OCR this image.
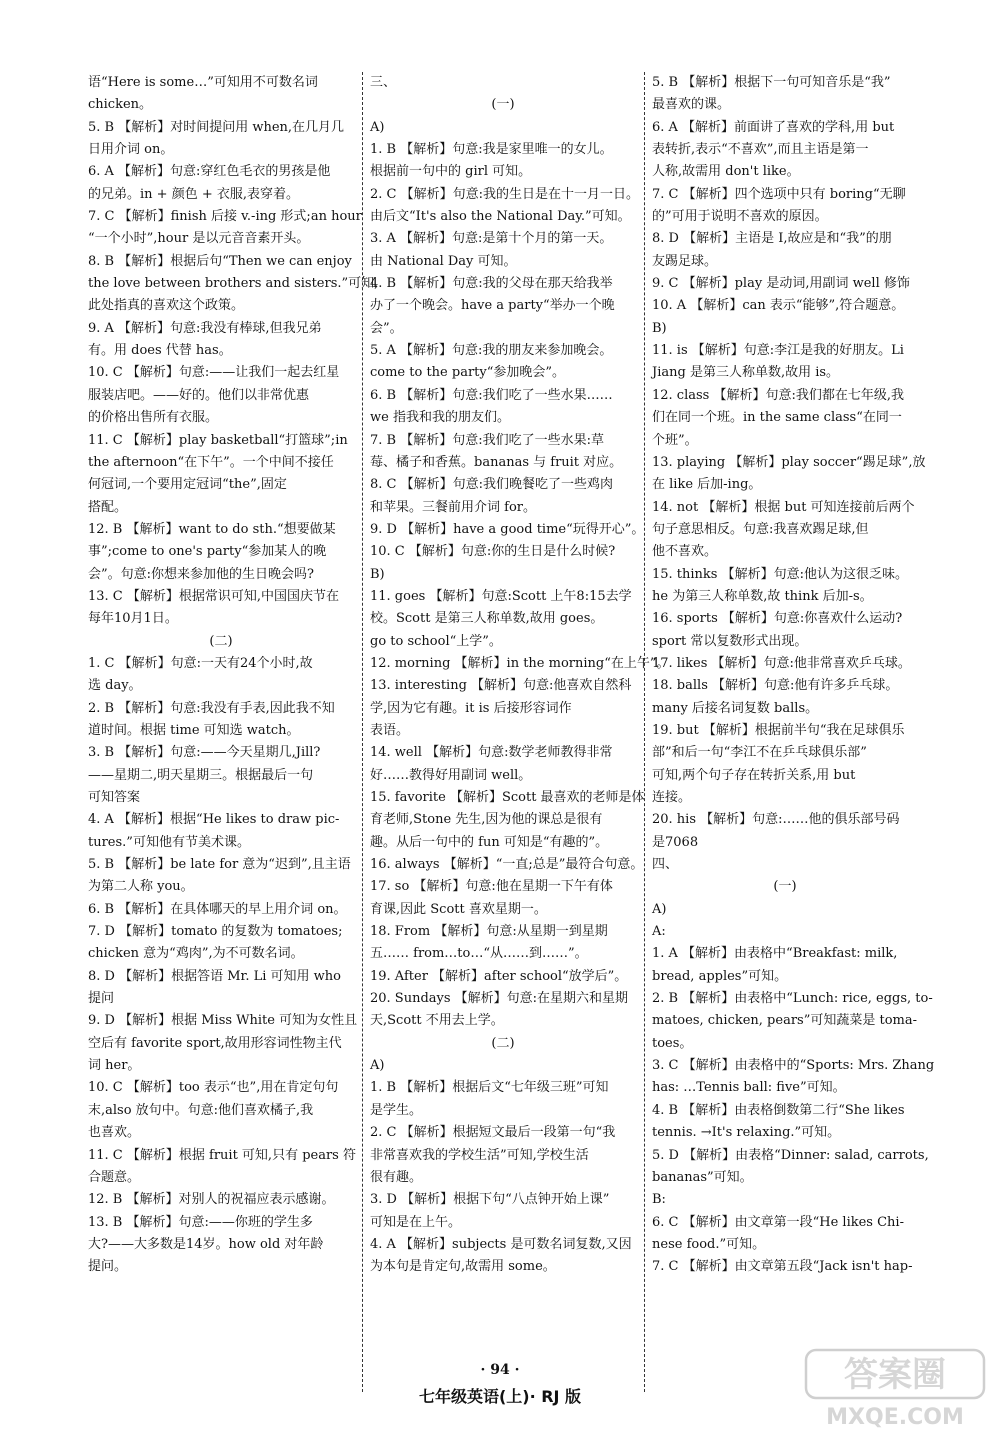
语“Here is some…”可知用不可数名词
chicken。
5. B 【解析】对时间提问用 when,在几月几
日用介词 on。
6. A 【解析】句意:穿红色毛衣的男孩是他
的兄弟。in + 颜色 + 衣服,表穿着。
7. C 【解析】finish 后接 v.-ing 形式;an hour
“一个小时”,hour 是以元音音素开头。
8. B 【解析】根据后句“Then we can enjoy
the love between brothers and sisters.”可知,
此处指真的喜欢这个政策。
9. A 【解析】句意:我没有棒球,但我兄弟
有。用 does 代替 has。
10. C 【解析】句意:——让我们一起去红星
服装店吧。——好的。他们以非常优惠
的价格出售所有衣服。
11. C 【解析】play basketball“打篮球”;in
the afternoon“在下午”。一个中间不接任
何冠词,一个要用定冠词“the”,固定
搭配。
12. B 【解析】want to do sth.“想要做某
事”;come to one's party“参加某人的晚
会”。句意:你想来参加他的生日晚会吗?
13. C 【解析】根据常识可知,中国国庆节在
每年10月1日。
(二)
1. C 【解析】句意:一天有24个小时,故
选 day。
2. B 【解析】句意:我没有手表,因此我不知
道时间。根据 time 可知选 watch。
3. B 【解析】句意:——今天星期几,Jill?
——星期二,明天星期三。根据最后一句
可知答案
4. A 【解析】根据“He likes to draw pic-
tures.”可知他有节美术课。
5. B 【解析】be late for 意为“迟到”,且主语
为第二人称 you。
6. B 【解析】在具体哪天的早上用介词 on。
7. D 【解析】tomato 的复数为 tomatoes;
chicken 意为“鸡肉”,为不可数名词。
8. D 【解析】根据答语 Mr. Li 可知用 who
提问
9. D 【解析】根据 Miss White 可知为女性且
空后有 favorite sport,故用形容词性物主代
词 her。
10. C 【解析】too 表示“也”,用在肯定句句
末,also 放句中。句意:他们喜欢橘子,我
也喜欢。
11. C 【解析】根据 fruit 可知,只有 pears 符
合题意。
12. B 【解析】对别人的祝福应表示感谢。
13. B 【解析】句意:——你班的学生多
大?——大多数是14岁。how old 对年龄
提问。
三、
(一)
A)
1. B 【解析】句意:我是家里唯一的女儿。
根据前一句中的 girl 可知。
2. C 【解析】句意:我的生日是在十一月一日。
由后文“It's also the National Day.”可知。
3. A 【解析】句意:是第十个月的第一天。
由 National Day 可知。
4. B 【解析】句意:我的父母在那天给我举
办了一个晚会。have a party“举办一个晚
会”。
5. A 【解析】句意:我的朋友来参加晚会。
come to the party“参加晚会”。
6. B 【解析】句意:我们吃了一些水果……
we 指我和我的朋友们。
7. B 【解析】句意:我们吃了一些水果:草
莓、橘子和香蕉。bananas 与 fruit 对应。
8. C 【解析】句意:我们晚餐吃了一些鸡肉
和苹果。三餐前用介词 for。
9. D 【解析】have a good time“玩得开心”。
10. C 【解析】句意:你的生日是什么时候?
B)
11. goes 【解析】句意:Scott 上午8:15去学
校。Scott 是第三人称单数,故用 goes。
go to school“上学”。
12. morning 【解析】in the morning“在上午”。
13. interesting 【解析】句意:他喜欢自然科
学,因为它有趣。it is 后接形容词作
表语。
14. well 【解析】句意:数学老师教得非常
好……教得好用副词 well。
15. favorite 【解析】Scott 最喜欢的老师是体
育老师,Stone 先生,因为他的课总是很有
趣。从后一句中的 fun 可知是“有趣的”。
16. always 【解析】“一直;总是”最符合句意。
17. so 【解析】句意:他在星期一下午有体
育课,因此 Scott 喜欢星期一。
18. From 【解析】句意:从星期一到星期
五…… from…to…“从……到……”。
19. After 【解析】after school“放学后”。
20. Sundays 【解析】句意:在星期六和星期
天,Scott 不用去上学。
(二)
A)
1. B 【解析】根据后文“七年级三班”可知
是学生。
2. C 【解析】根据短文最后一段第一句“我
非常喜欢我的学校生活”可知,学校生活
很有趣。
3. D 【解析】根据下句“八点钟开始上课”
可知是在上午。
4. A 【解析】subjects 是可数名词复数,又因
为本句是肯定句,故需用 some。
5. B 【解析】根据下一句可知音乐是“我”
最喜欢的课。
6. A 【解析】前面讲了喜欢的学科,用 but
表转折,表示“不喜欢”,而且主语是第一
人称,故需用 don't like。
7. C 【解析】四个选项中只有 boring“无聊
的”可用于说明不喜欢的原因。
8. D 【解析】主语是 I,故应是和“我”的朋
友踢足球。
9. C 【解析】play 是动词,用副词 well 修饰
10. A 【解析】can 表示“能够”,符合题意。
B)
11. is 【解析】句意:李江是我的好朋友。Li
Jiang 是第三人称单数,故用 is。
12. class 【解析】句意:我们都在七年级,我
们在同一个班。in the same class“在同一
个班”。
13. playing 【解析】play soccer“踢足球”,放
在 like 后加-ing。
14. not 【解析】根据 but 可知连接前后两个
句子意思相反。句意:我喜欢踢足球,但
他不喜欢。
15. thinks 【解析】句意:他认为这很乏味。
he 为第三人称单数,故 think 后加-s。
16. sports 【解析】句意:你喜欢什么运动?
sport 常以复数形式出现。
17. likes 【解析】句意:他非常喜欢乒乓球。
18. balls 【解析】句意:他有许多乒乓球。
many 后接名词复数 balls。
19. but 【解析】根据前半句“我在足球俱乐
部”和后一句“李江不在乒乓球俱乐部”
可知,两个句子存在转折关系,用 but
连接。
20. his 【解析】句意:……他的俱乐部号码
是7068
四、
(一)
A)
A:
1. A 【解析】由表格中“Breakfast: milk,
bread, apples”可知。
2. B 【解析】由表格中“Lunch: rice, eggs, to-
matoes, chicken, pears”可知蔬菜是 toma-
toes。
3. C 【解析】由表格中的“Sports: Mrs. Zhang
has: …Tennis ball: five”可知。
4. B 【解析】由表格倒数第二行“She likes
tennis. →It's relaxing.”可知。
5. D 【解析】由表格“Dinner: salad, carrots,
bananas”可知。
B:
6. C 【解析】由文章第一段“He likes Chi-
nese food.”可知。
7. C 【解析】由文章第五段“Jack isn't hap-
· 94 ·
七年级英语(上)· RJ 版
答案圈
MXQE.COM
